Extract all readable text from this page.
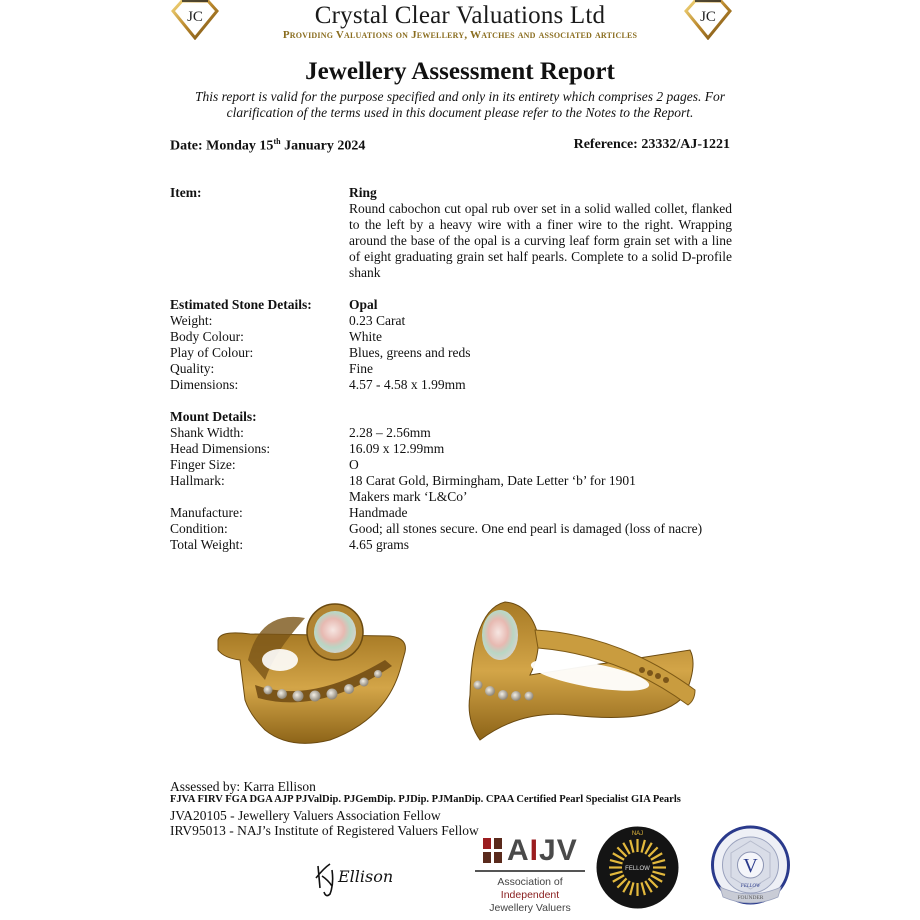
JC	JC
Crystal Clear Valuations Ltd
Providing Valuations on Jewellery, Watches and associated articles
Jewellery Assessment Report
This report is valid for the purpose specified and only in its entirety which comprises 2 pages. For
clarification of the terms used in this document please refer to the Notes to the Report.
Date: Monday 15th January 2024	Reference: 23332/AJ-1221
Item:	Ring
Round cabochon cut opal rub over set in a solid walled collet, flanked to the left by a heavy wire with a finer wire to the right. Wrapping around the base of the opal is a curving leaf form grain set with a line of eight graduating grain set half pearls. Complete to a solid D-profile shank
Estimated Stone Details:	Opal
Weight:	0.23 Carat
Body Colour:	White
Play of Colour:	Blues, greens and reds
Quality:	Fine
Dimensions:	4.57 - 4.58 x 1.99mm
Mount Details:
Shank Width:	2.28 – 2.56mm
Head Dimensions:	16.09 x 12.99mm
Finger Size:	O
Hallmark:	18 Carat Gold, Birmingham, Date Letter ‘b’ for 1901
Makers mark ‘L&Co’
Manufacture:	Handmade
Condition:	Good; all stones secure. One end pearl is damaged (loss of nacre)
Total Weight:	4.65 grams
Assessed by: Karra Ellison
FJVA FIRV FGA DGA AJP PJValDip. PJGemDip. PJDip. PJManDip. CPAA Certified Pearl Specialist GIA Pearls
JVA20105 - Jewellery Valuers Association Fellow
IRV95013 - NAJ’s Institute of Registered Valuers Fellow
Ellison
AIJV
Association of
Independent
Jewellery Valuers
FELLOW
NAJ
V
FOUNDER
FELLOW
